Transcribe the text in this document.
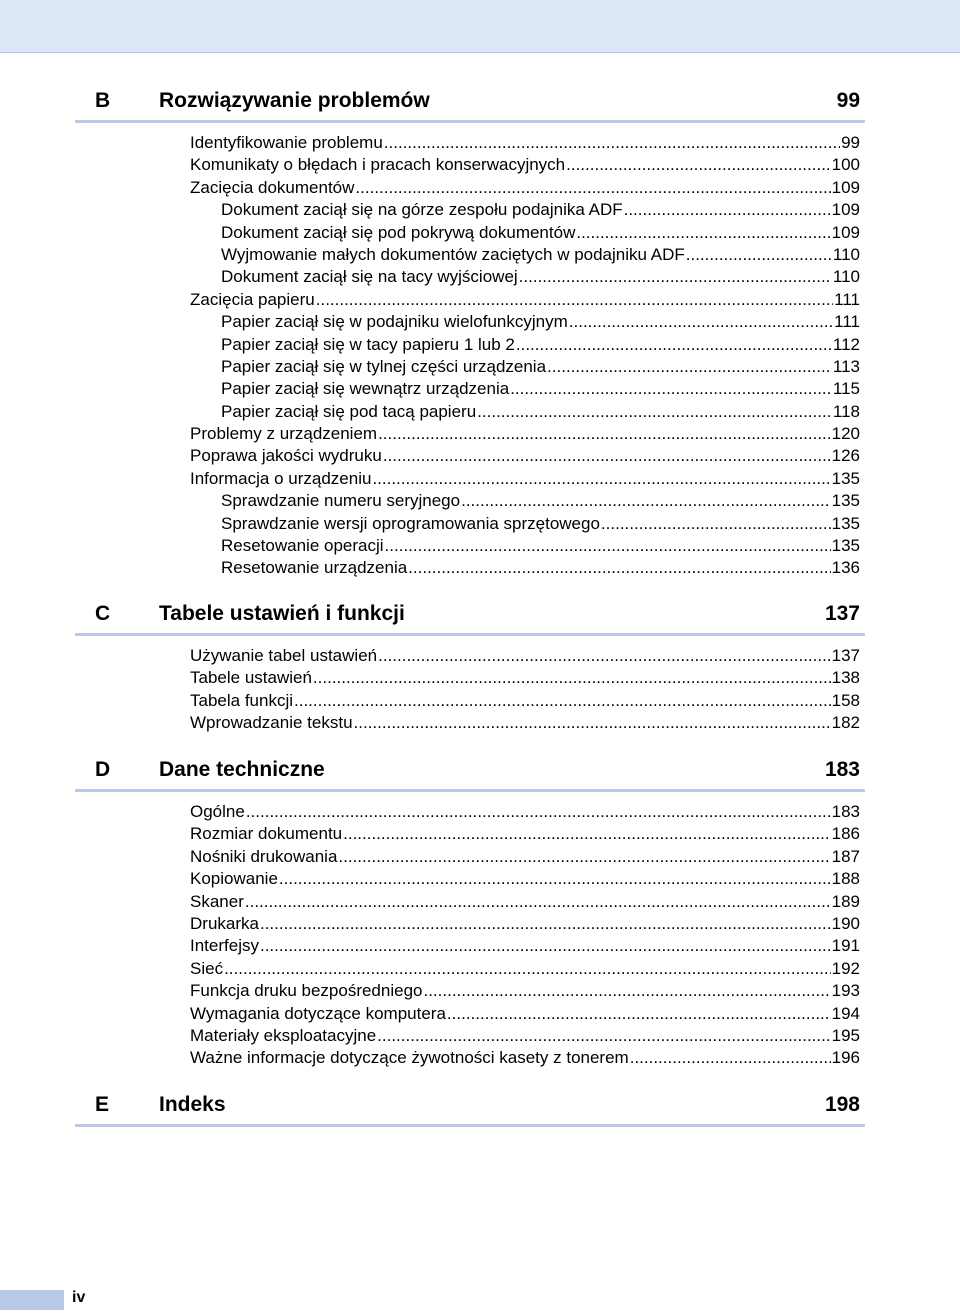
B Rozwiązywanie problemów	99
Identyfikowanie problemu .....	99
Komunikaty o błędach i pracach konserwacyjnych .....	100
Zacięcia dokumentów .....	109
Dokument zaciął się na górze zespołu podajnika ADF .....	109
Dokument zaciął się pod pokrywą dokumentów .....	109
Wyjmowanie małych dokumentów zaciętych w podajniku ADF .....	110
Dokument zaciął się na tacy wyjściowej .....	110
Zacięcia papieru .....	111
Papier zaciął się w podajniku wielofunkcyjnym .....	111
Papier zaciął się w tacy papieru 1 lub 2 .....	112
Papier zaciął się w tylnej części urządzenia .....	113
Papier zaciął się wewnątrz urządzenia .....	115
Papier zaciął się pod tacą papieru .....	118
Problemy z urządzeniem .....	120
Poprawa jakości wydruku .....	126
Informacja o urządzeniu .....	135
Sprawdzanie numeru seryjnego .....	135
Sprawdzanie wersji oprogramowania sprzętowego .....	135
Resetowanie operacji .....	135
Resetowanie urządzenia .....	136
C Tabele ustawień i funkcji	137
Używanie tabel ustawień .....	137
Tabele ustawień .....	138
Tabela funkcji .....	158
Wprowadzanie tekstu .....	182
D Dane techniczne	183
Ogólne .....	183
Rozmiar dokumentu .....	186
Nośniki drukowania .....	187
Kopiowanie .....	188
Skaner .....	189
Drukarka .....	190
Interfejsy .....	191
Sieć .....	192
Funkcja druku bezpośredniego .....	193
Wymagania dotyczące komputera .....	194
Materiały eksploatacyjne .....	195
Ważne informacje dotyczące żywotności kasety z tonerem .....	196
E Indeks	198
iv
